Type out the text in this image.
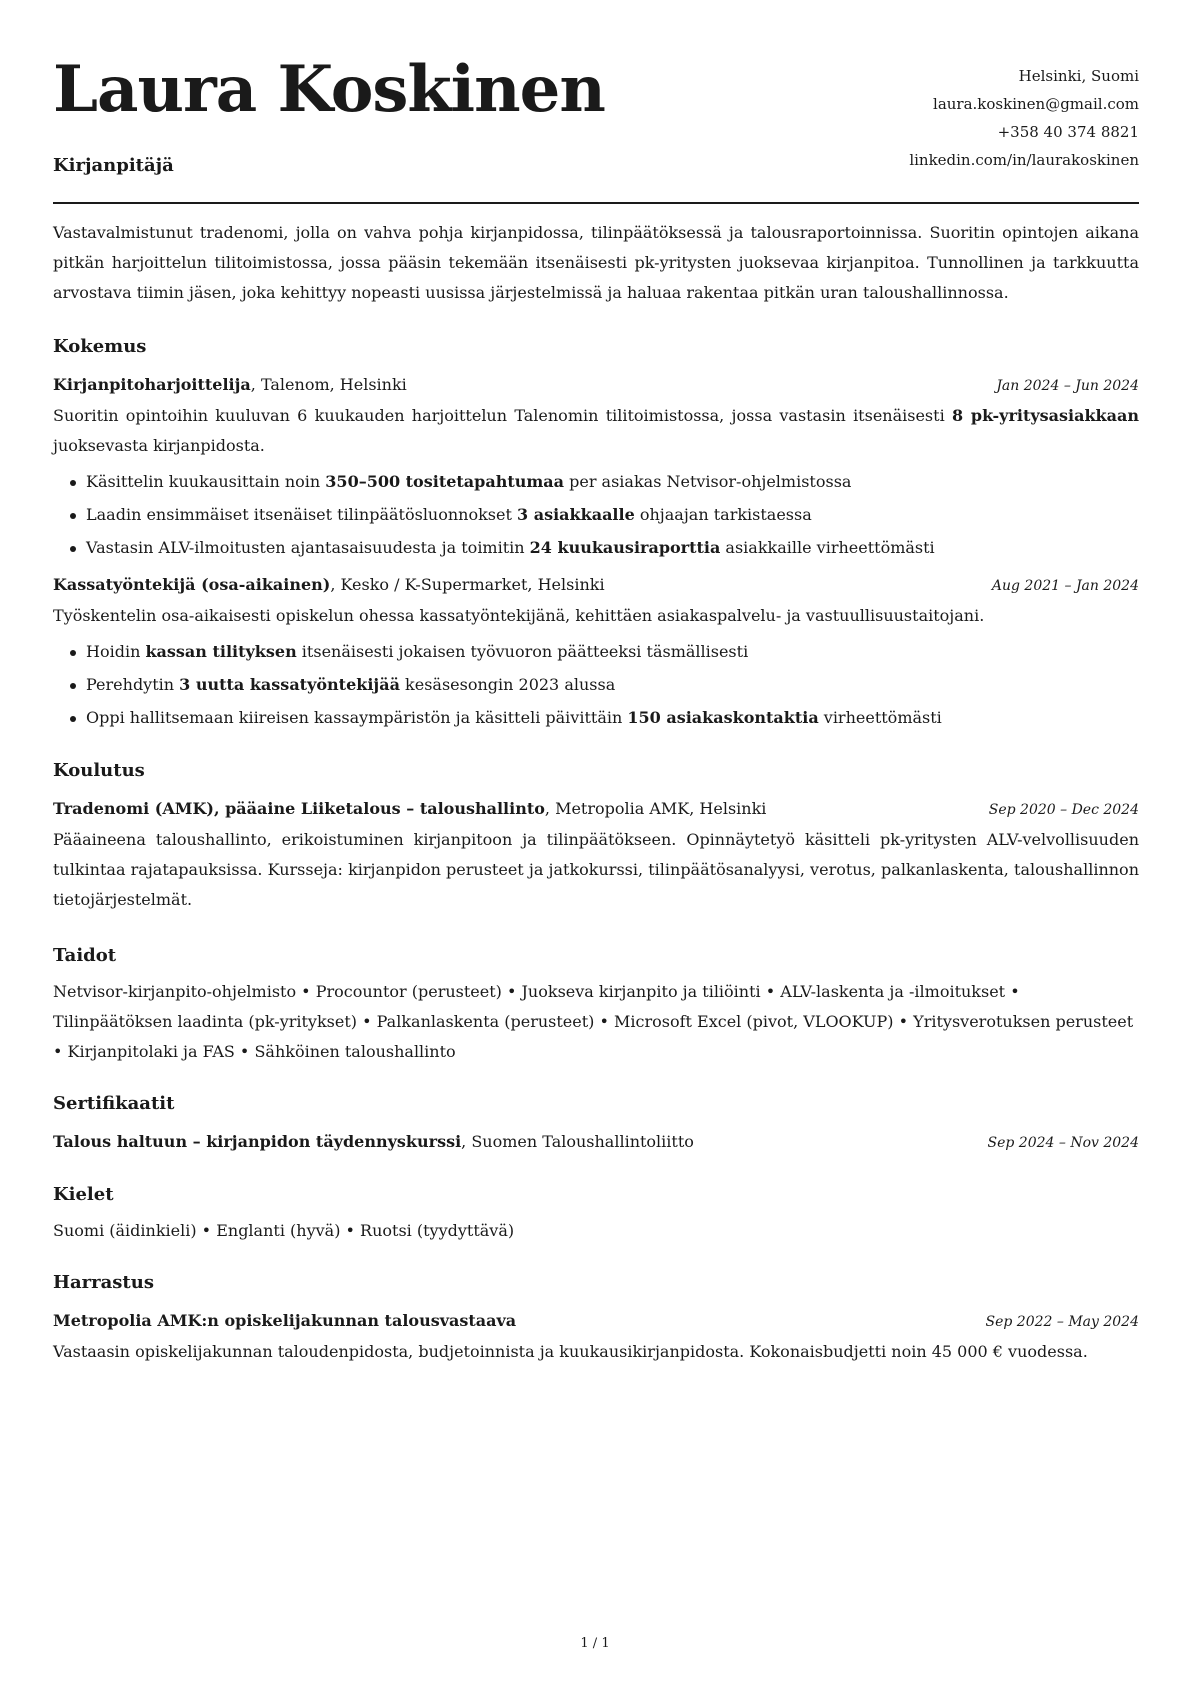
Laura Koskinen
Kirjanpitäjä
Helsinki, Suomi
laura.koskinen@gmail.com
+358 40 374 8821
linkedin.com/in/laurakoskinen

Vastavalmistunut tradenomi, jolla on vahva pohja kirjanpidossa, tilinpäätöksessä ja talousraportoinnissa. Suoritin opintojen aikana pitkän harjoittelun tilitoimistossa, jossa pääsin tekemään itsenäisesti pk-yritysten juoksevaa kirjanpitoa. Tunnollinen ja tarkkuutta arvostava tiimin jäsen, joka kehittyy nopeasti uusissa järjestelmissä ja haluaa rakentaa pitkän uran taloushallinnossa.

Kokemus
Kirjanpitoharjoittelija, Talenom, Helsinki	Jan 2024 – Jun 2024

Suoritin opintoihin kuuluvan 6 kuukauden harjoittelun Talenomin tilitoimistossa, jossa vastasin itsenäisesti 8 pk-yritysasiakkaan juoksevasta kirjanpidosta.

Käsittelin kuukausittain noin 350–500 tositetapahtumaa per asiakas Netvisor-ohjelmistossa
Laadin ensimmäiset itsenäiset tilinpäätösluonnokset 3 asiakkaalle ohjaajan tarkistaessa
Vastasin ALV-ilmoitusten ajantasaisuudesta ja toimitin 24 kuukausiraporttia asiakkaille virheettömästi
Kassatyöntekijä (osa-aikainen), Kesko / K-Supermarket, Helsinki	Aug 2021 – Jan 2024

Työskentelin osa-aikaisesti opiskelun ohessa kassatyöntekijänä, kehittäen asiakaspalvelu- ja vastuullisuustaitojani.

Hoidin kassan tilityksen itsenäisesti jokaisen työvuoron päätteeksi täsmällisesti
Perehdytin 3 uutta kassatyöntekijää kesäsesongin 2023 alussa
Oppi hallitsemaan kiireisen kassaympäristön ja käsitteli päivittäin 150 asiakaskontaktia virheettömästi
Koulutus
Tradenomi (AMK), pääaine Liiketalous – taloushallinto, Metropolia AMK, Helsinki	Sep 2020 – Dec 2024

Pääaineena taloushallinto, erikoistuminen kirjanpitoon ja tilinpäätökseen. Opinnäytetyö käsitteli pk-yritysten ALV-velvollisuuden tulkintaa rajatapauksissa. Kursseja: kirjanpidon perusteet ja jatkokurssi, tilinpäätösanalyysi, verotus, palkanlaskenta, taloushallinnon tietojärjestelmät.

Taidot

Netvisor-kirjanpito-ohjelmisto • Procountor (perusteet) • Juokseva kirjanpito ja tiliöinti • ALV-laskenta ja -ilmoitukset • Tilinpäätöksen laadinta (pk-yritykset) • Palkanlaskenta (perusteet) • Microsoft Excel (pivot, VLOOKUP) • Yritysverotuksen perusteet • Kirjanpitolaki ja FAS • Sähköinen taloushallinto

Sertifikaatit
Talous haltuun – kirjanpidon täydennyskurssi, Suomen Taloushallintoliitto	Sep 2024 – Nov 2024
Kielet

Suomi (äidinkieli) • Englanti (hyvä) • Ruotsi (tyydyttävä)

Harrastus
Metropolia AMK:n opiskelijakunnan talousvastaava	Sep 2022 – May 2024

Vastaasin opiskelijakunnan taloudenpidosta, budjetoinnista ja kuukausikirjanpidosta. Kokonaisbudjetti noin 45 000 € vuodessa.

1 / 1
